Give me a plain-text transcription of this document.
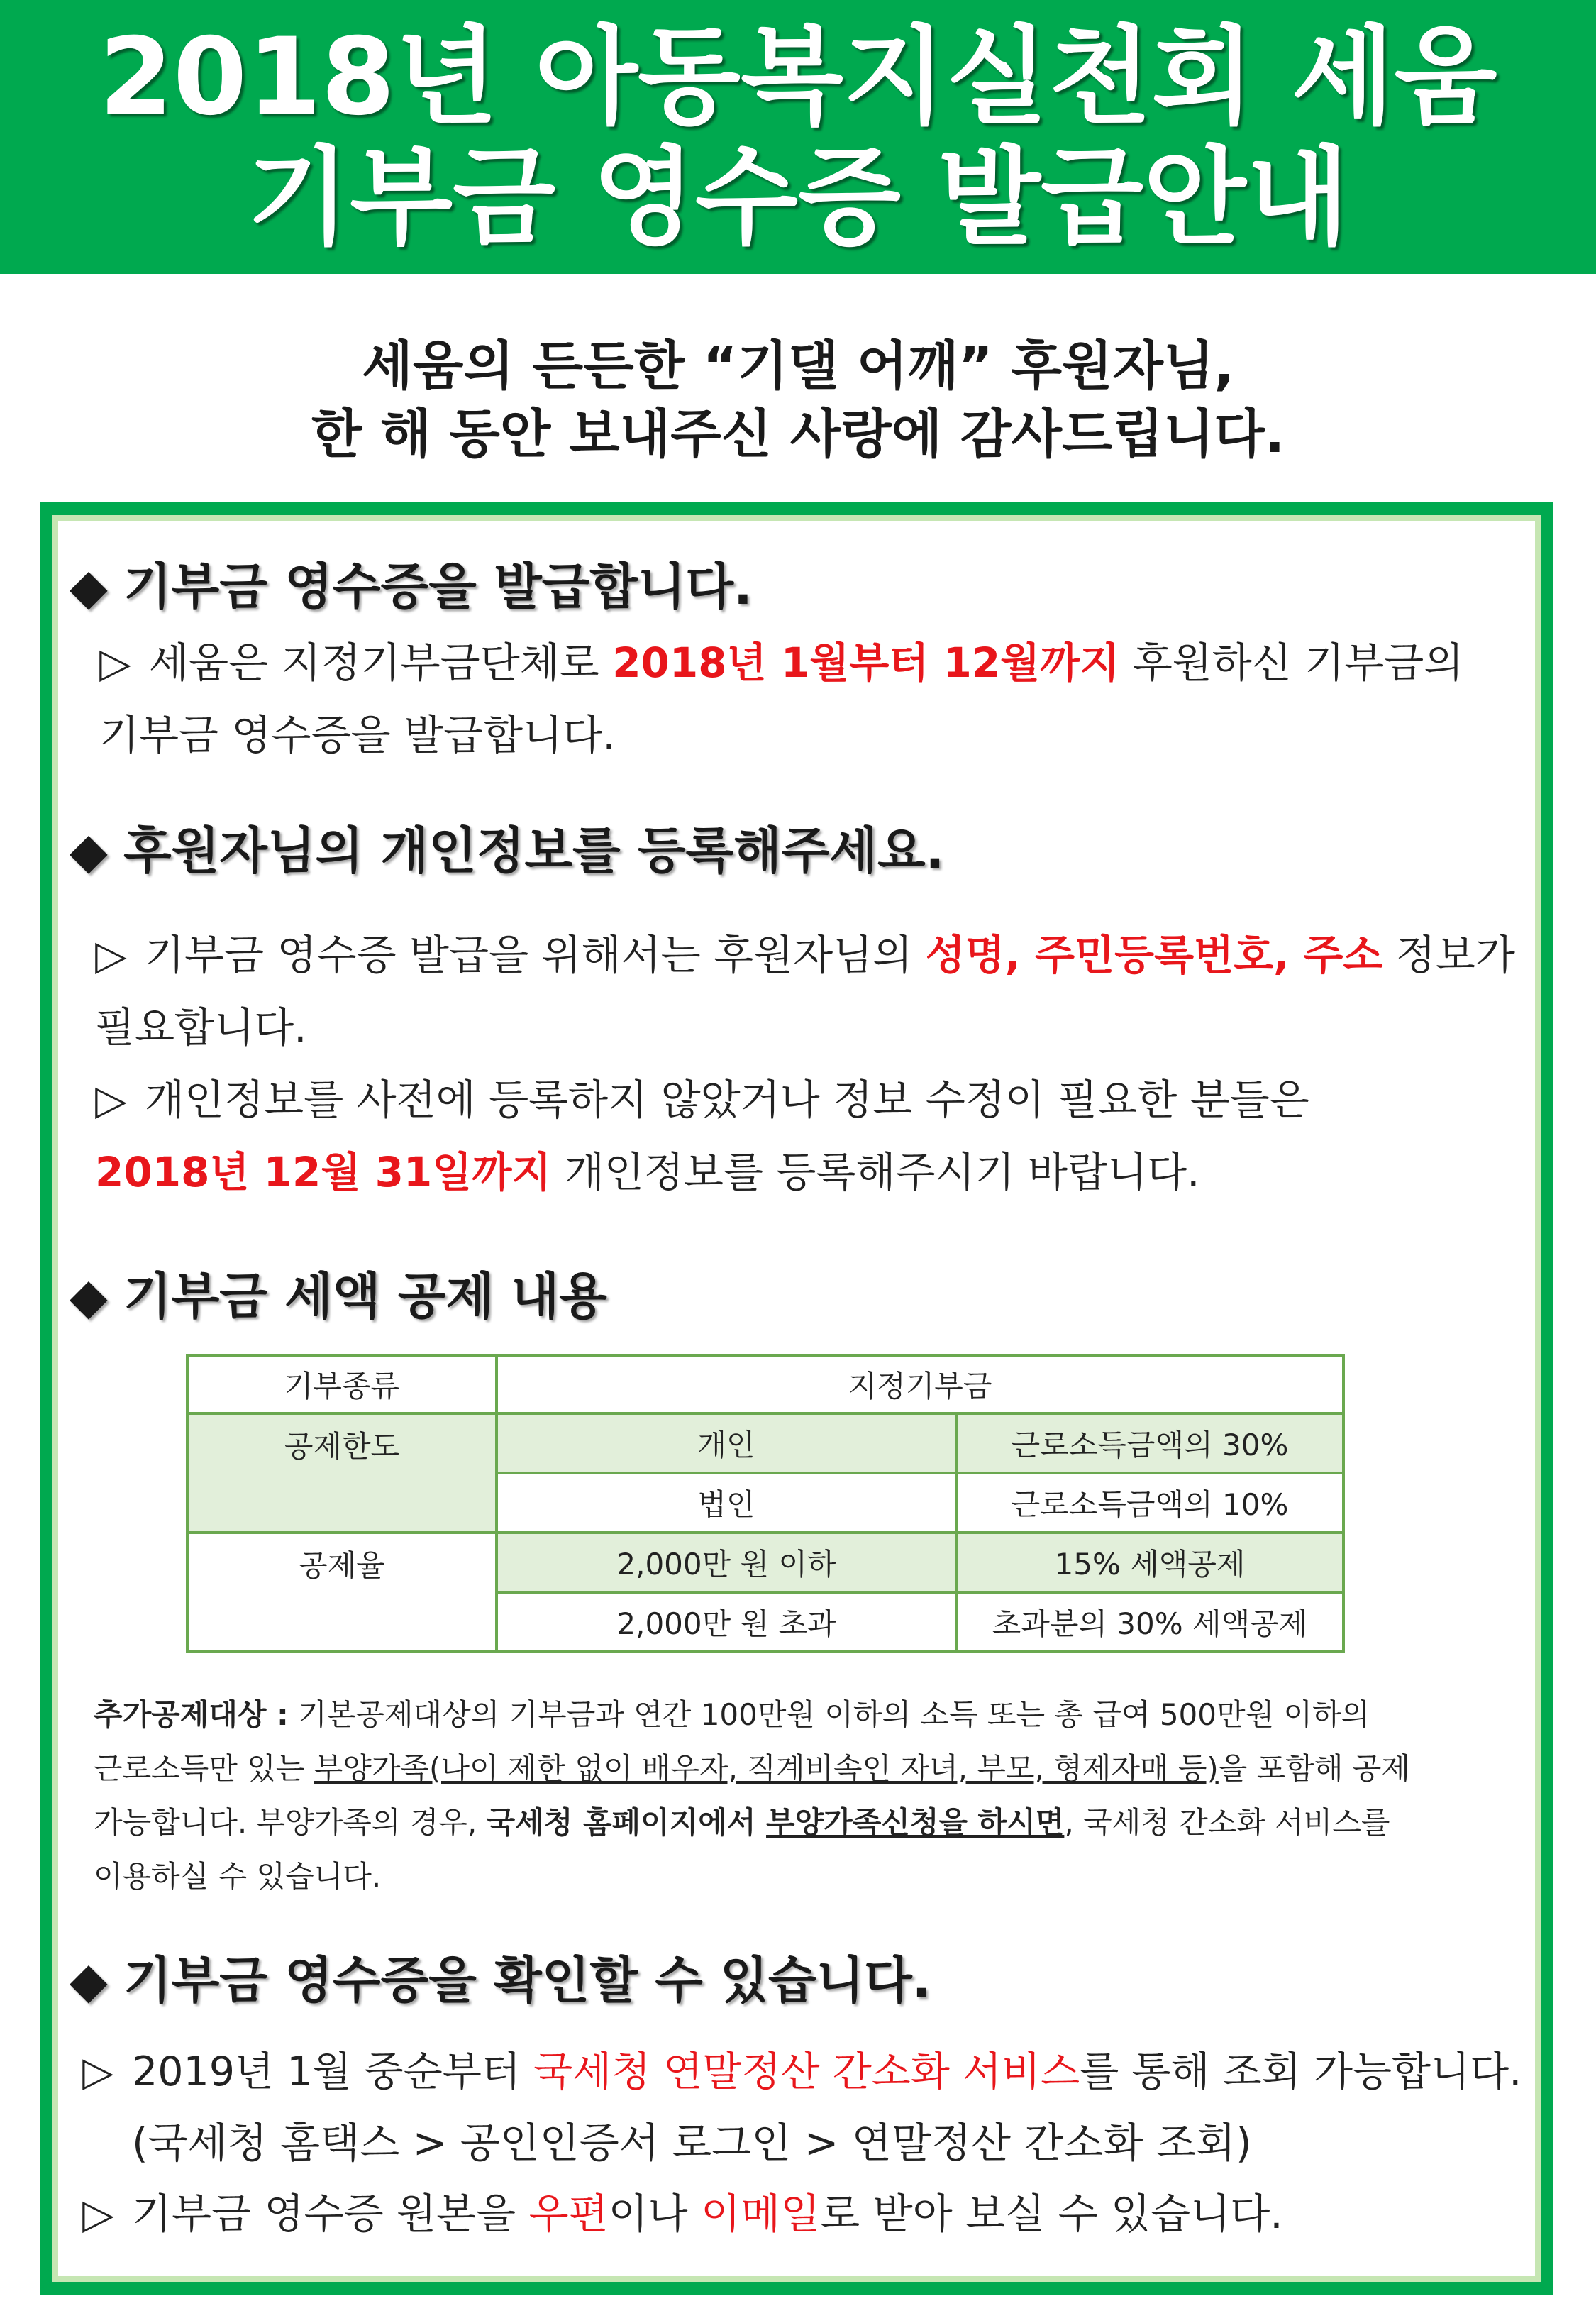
2018년 아동복지실천회 세움
기부금 영수증 발급안내
세움의 든든한 “기댈 어깨” 후원자님,
한 해 동안 보내주신 사랑에 감사드립니다.
◆ 기부금 영수증을 발급합니다.
▷ 세움은 지정기부금단체로 2018년 1월부터 12월까지 후원하신 기부금의
기부금 영수증을 발급합니다.
◆ 후원자님의 개인정보를 등록해주세요.
▷ 기부금 영수증 발급을 위해서는 후원자님의 성명, 주민등록번호, 주소 정보가
필요합니다.
▷ 개인정보를 사전에 등록하지 않았거나 정보 수정이 필요한 분들은
2018년 12월 31일까지 개인정보를 등록해주시기 바랍니다.
◆ 기부금 세액 공제 내용
기부종류	지정기부금	
공제한도	개인	근로소득금액의 30%
	법인	근로소득금액의 10%
공제율	2,000만 원 이하	15% 세액공제
	2,000만 원 초과	초과분의 30% 세액공제
추가공제대상 : 기본공제대상의 기부금과 연간 100만원 이하의 소득 또는 총 급여 500만원 이하의
근로소득만 있는 부양가족(나이 제한 없이 배우자, 직계비속인 자녀, 부모, 형제자매 등)을 포함해 공제
가능합니다. 부양가족의 경우, 국세청 홈페이지에서 부양가족신청을 하시면, 국세청 간소화 서비스를
이용하실 수 있습니다.
◆ 기부금 영수증을 확인할 수 있습니다.
▷ 2019년 1월 중순부터 국세청 연말정산 간소화 서비스를 통해 조회 가능합니다.
(국세청 홈택스 > 공인인증서 로그인 > 연말정산 간소화 조회)
▷ 기부금 영수증 원본을 우편이나 이메일로 받아 보실 수 있습니다.
